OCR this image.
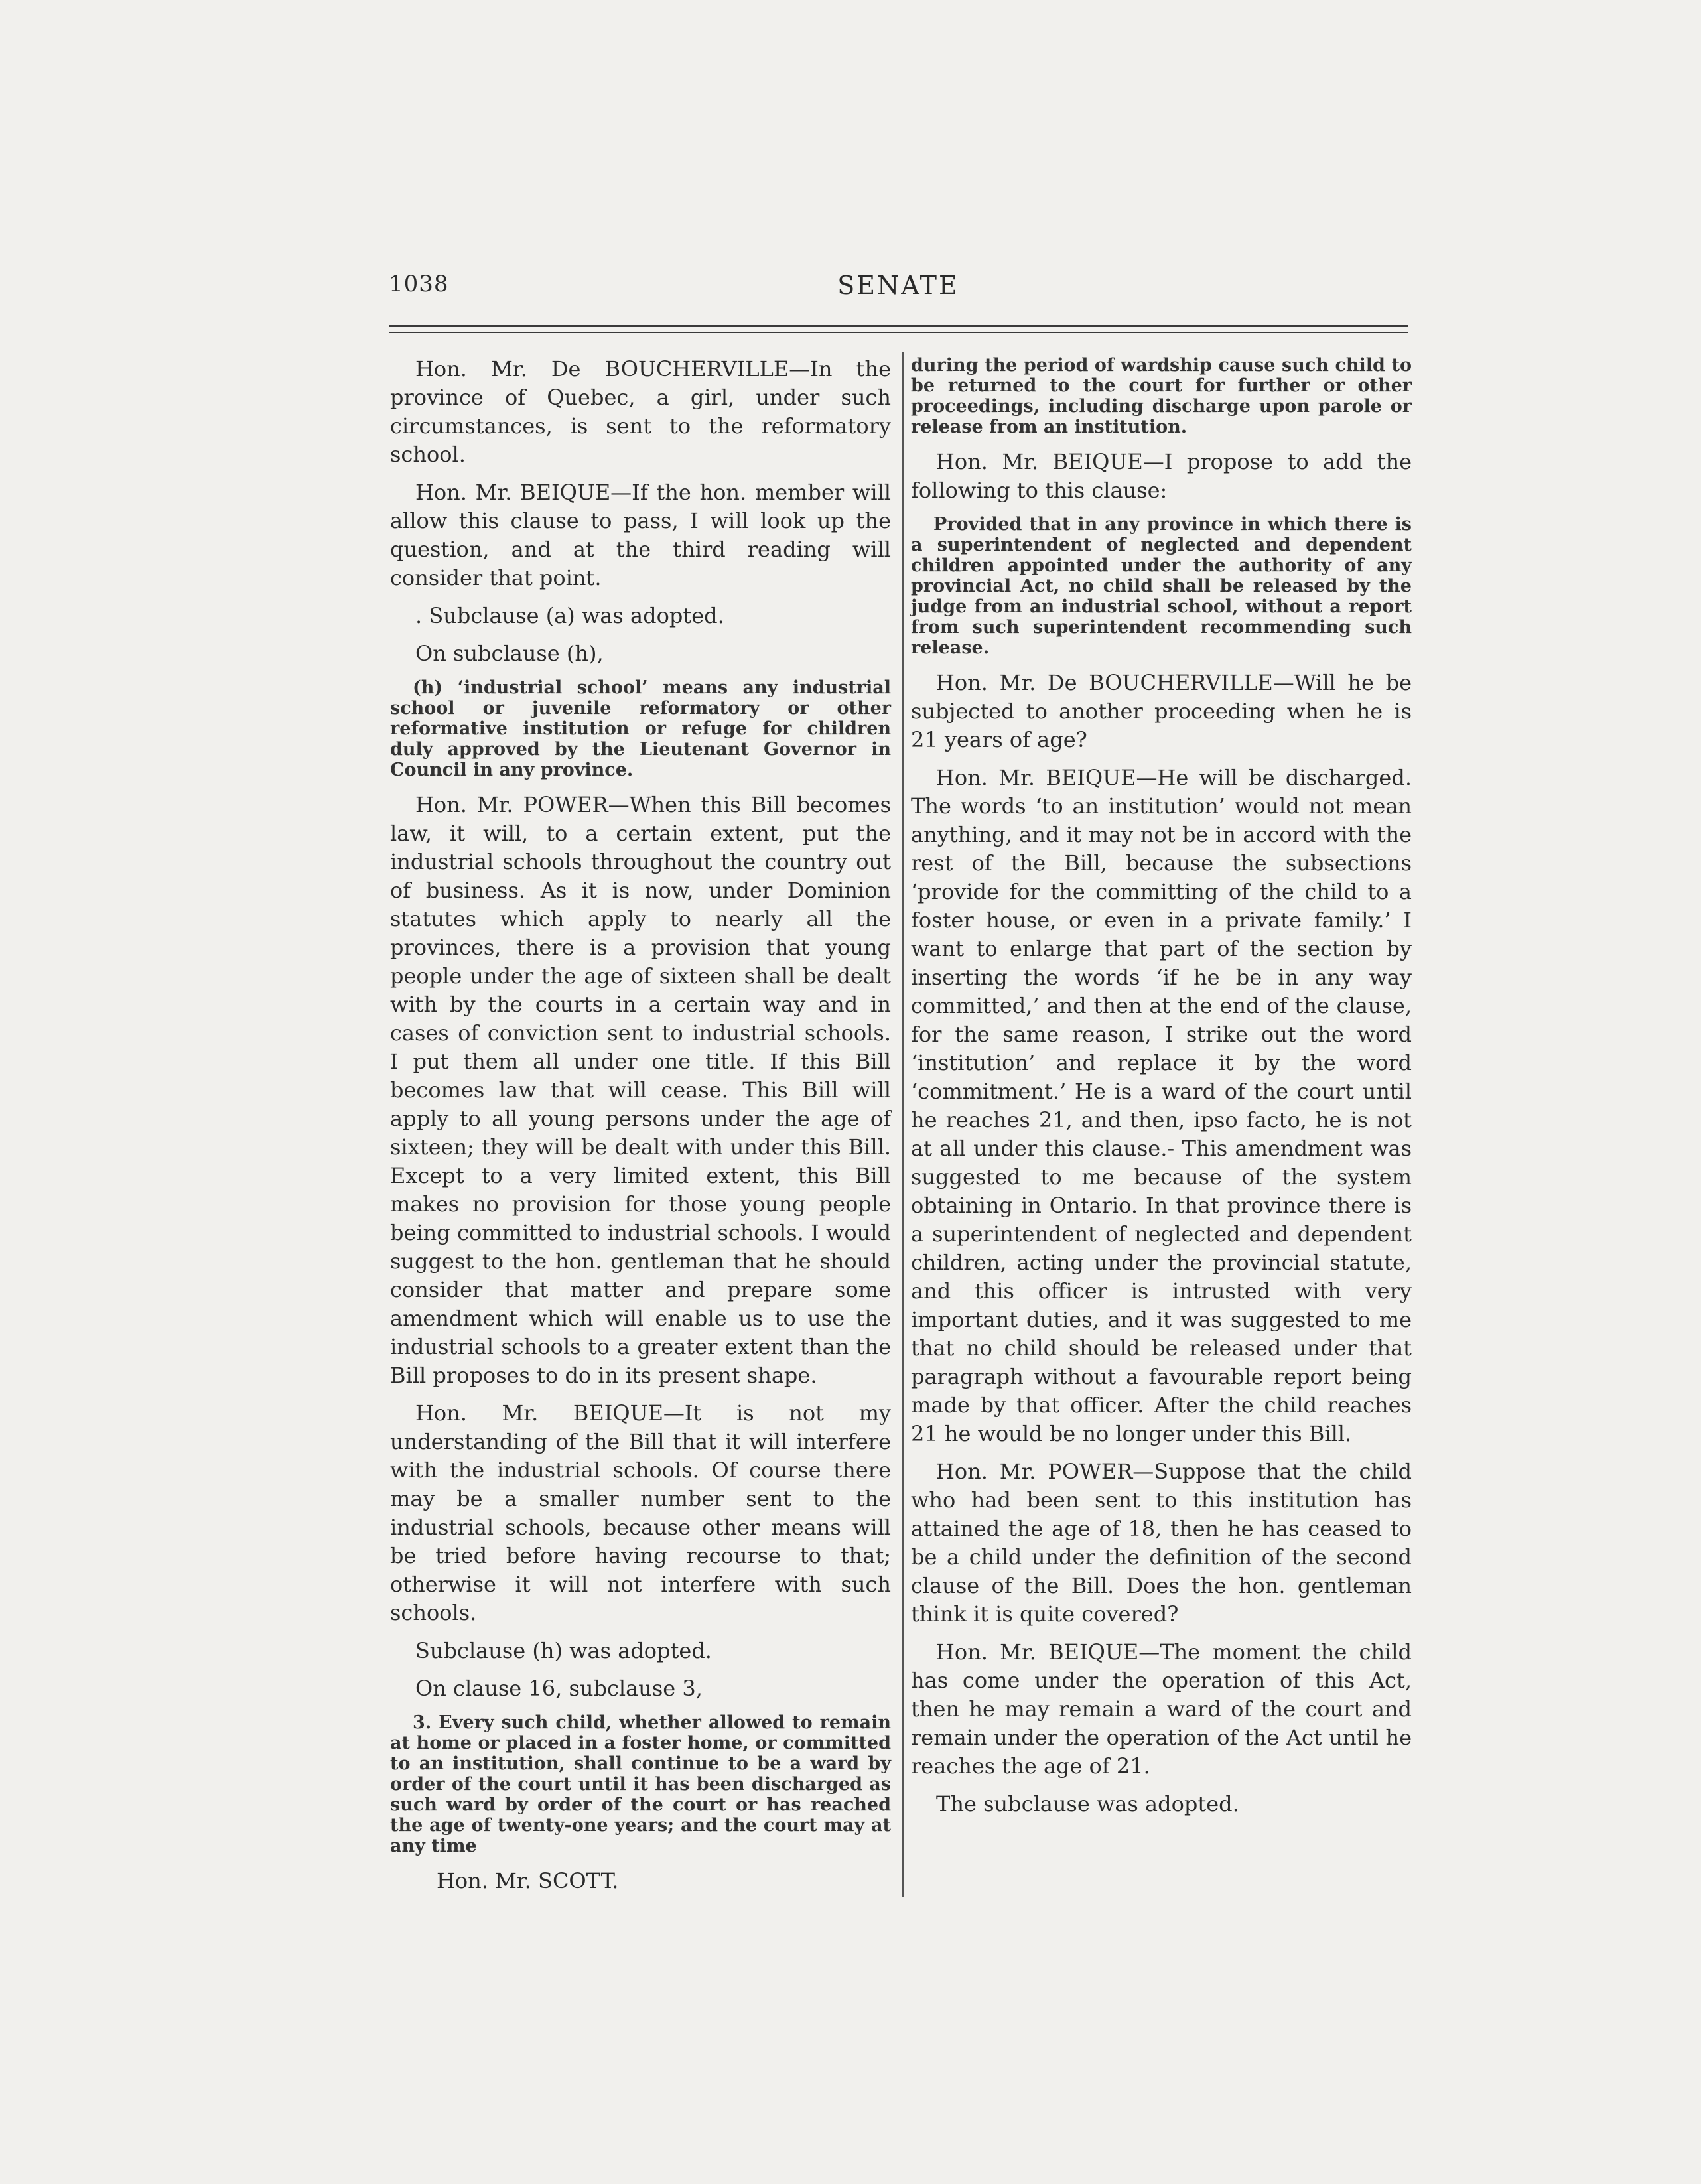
1038	SENATE

Hon. Mr. De BOUCHERVILLE—In the province of Quebec, a girl, under such circumstances, is sent to the reformatory school.

Hon. Mr. BEIQUE—If the hon. member will allow this clause to pass, I will look up the question, and at the third reading will consider that point.

. Subclause (a) was adopted.

On subclause (h),

(h) ‘industrial school’ means any industrial school or juvenile reformatory or other reformative institution or refuge for children duly approved by the Lieutenant Governor in Council in any province.

Hon. Mr. POWER—When this Bill becomes law, it will, to a certain extent, put the industrial schools throughout the country out of business. As it is now, under Dominion statutes which apply to nearly all the provinces, there is a provision that young people under the age of sixteen shall be dealt with by the courts in a certain way and in cases of conviction sent to industrial schools. I put them all under one title. If this Bill becomes law that will cease. This Bill will apply to all young persons under the age of sixteen; they will be dealt with under this Bill. Except to a very limited extent, this Bill makes no provision for those young people being committed to industrial schools. I would suggest to the hon. gentleman that he should consider that matter and prepare some amendment which will enable us to use the industrial schools to a greater extent than the Bill proposes to do in its present shape.

Hon. Mr. BEIQUE—It is not my understanding of the Bill that it will interfere with the industrial schools. Of course there may be a smaller number sent to the industrial schools, because other means will be tried before having recourse to that; otherwise it will not interfere with such schools.

Subclause (h) was adopted.

On clause 16, subclause 3,

3. Every such child, whether allowed to remain at home or placed in a foster home, or committed to an institution, shall continue to be a ward by order of the court until it has been discharged as such ward by order of the court or has reached the age of twenty-one years; and the court may at any time

Hon. Mr. SCOTT.

during the period of wardship cause such child to be returned to the court for further or other proceedings, including discharge upon parole or release from an institution.

Hon. Mr. BEIQUE—I propose to add the following to this clause:

Provided that in any province in which there is a superintendent of neglected and dependent children appointed under the authority of any provincial Act, no child shall be released by the judge from an industrial school, without a report from such superintendent recommending such release.

Hon. Mr. De BOUCHERVILLE—Will he be subjected to another proceeding when he is 21 years of age?

Hon. Mr. BEIQUE—He will be discharged. The words ‘to an institution’ would not mean anything, and it may not be in accord with the rest of the Bill, because the subsections ‘provide for the committing of the child to a foster house, or even in a private family.’ I want to enlarge that part of the section by inserting the words ‘if he be in any way committed,’ and then at the end of the clause, for the same reason, I strike out the word ‘institution’ and replace it by the word ‘commitment.’ He is a ward of the court until he reaches 21, and then, ipso facto, he is not at all under this clause.- This amendment was suggested to me because of the system obtaining in Ontario. In that province there is a superintendent of neglected and dependent children, acting under the provincial statute, and this officer is intrusted with very important duties, and it was suggested to me that no child should be released under that paragraph without a favourable report being made by that officer. After the child reaches 21 he would be no longer under this Bill.

Hon. Mr. POWER—Suppose that the child who had been sent to this institution has attained the age of 18, then he has ceased to be a child under the definition of the second clause of the Bill. Does the hon. gentleman think it is quite covered?

Hon. Mr. BEIQUE—The moment the child has come under the operation of this Act, then he may remain a ward of the court and remain under the operation of the Act until he reaches the age of 21.

The subclause was adopted.
